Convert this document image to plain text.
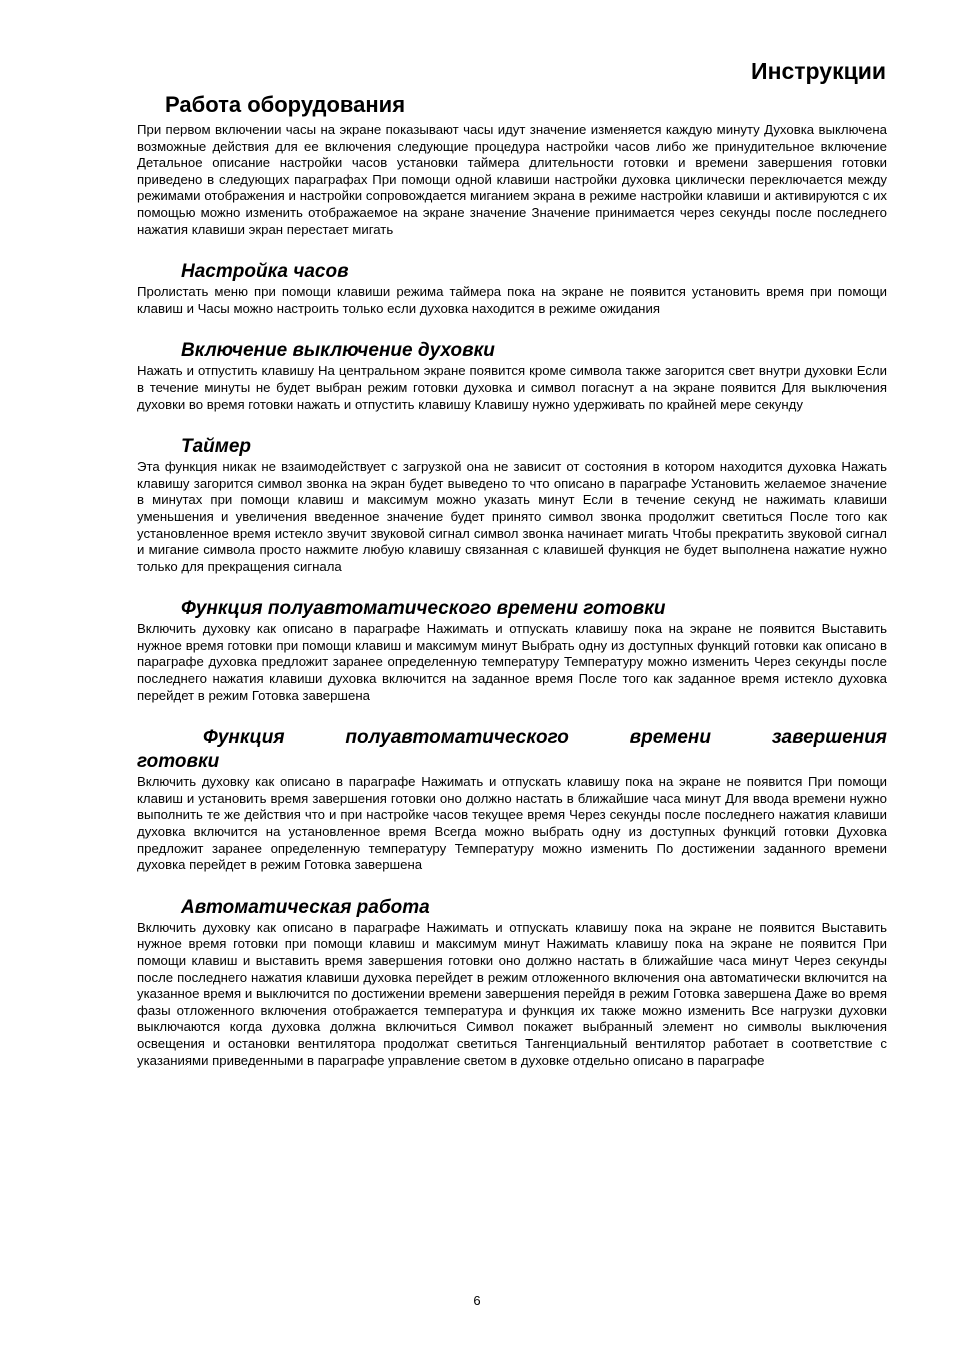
Инструкции
Работа оборудования

При первом включении часы на экране показывают часы идут значение изменяется каждую минуту Духовка выключена возможные действия для ее включения следующие процедура настройки часов либо же принудительное включение Детальное описание настройки часов установки таймера длительности готовки и времени завершения готовки приведено в следующих параграфах При помощи одной клавиши настройки духовка циклически переключается между режимами отображения и настройки сопровождается миганием экрана в режиме настройки клавиши и активируются с их помощью можно изменить отображаемое на экране значение Значение принимается через секунды после последнего нажатия клавиши экран перестает мигать

Настройка часов

Пролистать меню при помощи клавиши режима таймера пока на экране не появится установить время при помощи клавиш и Часы можно настроить только если духовка находится в режиме ожидания

Включение выключение духовки

Нажать и отпустить клавишу На центральном экране появится кроме символа также загорится свет внутри духовки Если в течение минуты не будет выбран режим готовки духовка и символ погаснут а на экране появится Для выключения духовки во время готовки нажать и отпустить клавишу Клавишу нужно удерживать по крайней мере секунду

Таймер

Эта функция никак не взаимодействует с загрузкой она не зависит от состояния в котором находится духовка Нажать клавишу загорится символ звонка на экран будет выведено то что описано в параграфе Установить желаемое значение в минутах при помощи клавиш и максимум можно указать минут Если в течение секунд не нажимать клавиши уменьшения и увеличения введенное значение будет принято символ звонка продолжит светиться После того как установленное время истекло звучит звуковой сигнал символ звонка начинает мигать Чтобы прекратить звуковой сигнал и мигание символа просто нажмите любую клавишу связанная с клавишей функция не будет выполнена нажатие нужно только для прекращения сигнала

Функция полуавтоматического времени готовки

Включить духовку как описано в параграфе Нажимать и отпускать клавишу пока на экране не появится Выставить нужное время готовки при помощи клавиш и максимум минут Выбрать одну из доступных функций готовки как описано в параграфе духовка предложит заранее определенную температуру Температуру можно изменить Через секунды после последнего нажатия клавиши духовка включится на заданное время После того как заданное время истекло духовка перейдет в режим Готовка завершена

Функция полуавтоматического времени завершения
готовки

Включить духовку как описано в параграфе Нажимать и отпускать клавишу пока на экране не появится При помощи клавиш и установить время завершения готовки оно должно настать в ближайшие часа минут Для ввода времени нужно выполнить те же действия что и при настройке часов текущее время Через секунды после последнего нажатия клавиши духовка включится на установленное время Всегда можно выбрать одну из доступных функций готовки Духовка предложит заранее определенную температуру Температуру можно изменить По достижении заданного времени духовка перейдет в режим Готовка завершена

Автоматическая работа

Включить духовку как описано в параграфе Нажимать и отпускать клавишу пока на экране не появится Выставить нужное время готовки при помощи клавиш и максимум минут Нажимать клавишу пока на экране не появится При помощи клавиш и выставить время завершения готовки оно должно настать в ближайшие часа минут Через секунды после последнего нажатия клавиши духовка перейдет в режим отложенного включения она автоматически включится на указанное время и выключится по достижении времени завершения перейдя в режим Готовка завершена Даже во время фазы отложенного включения отображается температура и функция их также можно изменить Все нагрузки духовки выключаются когда духовка должна включиться Символ покажет выбранный элемент но символы выключения освещения и остановки вентилятора продолжат светиться Тангенциальный вентилятор работает в соответствие с указаниями приведенными в параграфе управление светом в духовке отдельно описано в параграфе

6
